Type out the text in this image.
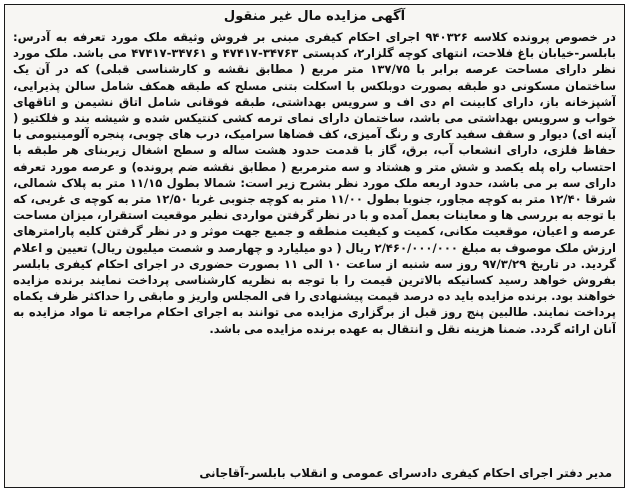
آگهی مزایده مال غیر منقول
در خصوص پرونده کلاسه ۹۴۰۳۲۶ اجرای احکام کیفری مبنی بر فروش وثیقه ملک مورد تعرفه به آدرس: بابلسر-خیابان باغ فلاحت، انتهای کوچه گلزار۲، کدپستی ۳۴۷۶۳-۴۷۴۱۷ و ۳۴۷۶۱-۴۷۴۱۷ می باشد. ملک مورد نظر دارای مساحت عرصه برابر با ۱۳۷/۷۵ متر مربع ( مطابق نقشه و کارشناسی قبلی) که در آن یک ساختمان مسکونی دو طبقه بصورت دوبلکس با اسکلت بتنی مسلح که طبقه همکف شامل سالن پذیرایی، آشپزخانه باز، دارای کابینت ام دی اف و سرویس بهداشتی، طبقه فوقانی شامل اتاق نشیمن و اتاقهای خواب و سرویس بهداشتی می باشد، ساختمان دارای نمای ترمه کشی کنتیکس شده و شیشه بند و فلکتیو ( آینه ای) دیوار و سقف سفید کاری و رنگ آمیزی، کف فضاها سرامیک، درب های چوبی، پنجره آلومینیومی با حفاظ فلزی، دارای انشعاب آب، برق، گاز با قدمت حدود هشت ساله و سطح اشغال زیربنای هر طبقه با احتساب راه پله یکصد و شش متر و هشتاد و سه مترمربع ( مطابق نقشه ضم پرونده) و عرصه مورد تعرفه دارای سه بر می باشد، حدود اربعه ملک مورد نظر بشرح زیر است: شمالا بطول ۱۱/۱۵ متر به پلاک شمالی، شرقا ۱۲/۴۰ متر به کوچه مجاور، جنوبا بطول ۱۱/۰۰ متر به کوچه جنوبی غربا ۱۲/۵۰ متر به کوچه ی غربی، که با توجه به بررسی ها و معاینات بعمل آمده و با در نظر گرفتن مواردی نظیر موقعیت استقرار، میزان مساحت عرصه و اعیان، موقعیت مکانی، کمیت و کیفیت منطقه و جمیع جهت موثر و در نظر گرفتن کلیه پارامترهای ارزش ملک موصوف به مبلغ ۲/۴۶۰/۰۰۰/۰۰۰ ریال ( دو میلیارد و چهارصد و شصت میلیون ریال) تعیین و اعلام گردید. در تاریخ ۹۷/۳/۲۹ روز سه شنبه از ساعت ۱۰ الی ۱۱ بصورت حضوری در اجرای احکام کیفری بابلسر بفروش خواهد رسید کسانیکه بالاترین قیمت را با توجه به نظریه کارشناسی پرداخت نمایند برنده مزایده خواهند بود. برنده مزایده باید ده درصد قیمت پیشنهادی را فی المجلس واریز و مابقی را حداکثر ظرف یکماه پرداخت نمایند. طالبین پنج روز قبل از برگزاری مزایده می توانند به اجرای احکام مراجعه تا مواد مزایده به آنان ارائه گردد. ضمنا هزینه نقل و انتقال به عهده برنده مزایده می باشد.
مدیر دفتر اجرای احکام کیفری دادسرای عمومی و انقلاب بابلسر-آقاجانی
